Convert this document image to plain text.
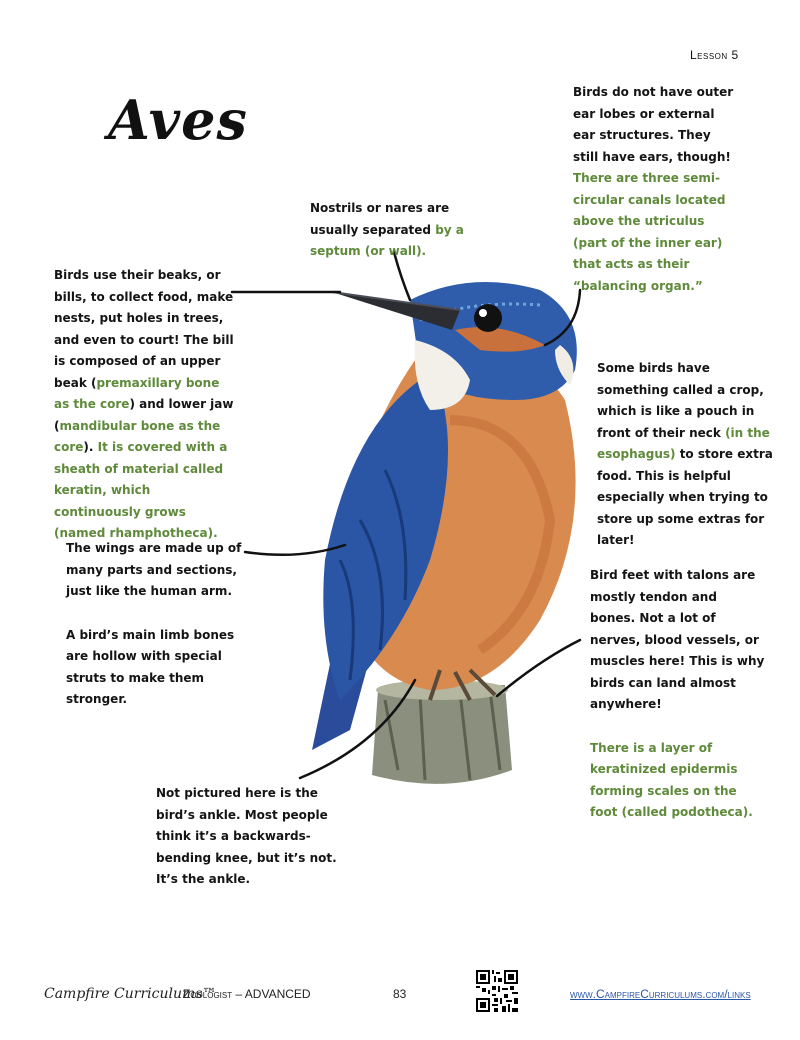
Lesson 5
Aves	Birds do not have outer ear lobes or external ear structures. They still have ears, though! There are three semi-circular canals located above the utriculus (part of the inner ear) that acts as their “balancing organ.”
Nostrils or nares are usually separated by a septum (or wall).
Birds use their beaks, or bills, to collect food, make nests, put holes in trees, and even to court! The bill is composed of an upper beak (premaxillary bone as the core) and lower jaw (mandibular bone as the core). It is covered with a sheath of material called keratin, which continuously grows (named rhamphotheca).
Some birds have something called a crop, which is like a pouch in front of their neck (in the esophagus) to store extra food. This is helpful especially when trying to store up some extras for later!
The wings are made up of many parts and sections, just like the human arm.
A bird’s main limb bones are hollow with special struts to make them stronger.
Bird feet with talons are mostly tendon and bones. Not a lot of nerves, blood vessels, or muscles here! This is why birds can land almost anywhere!
There is a layer of keratinized epidermis forming scales on the foot (called podotheca).
Not pictured here is the bird’s ankle. Most people think it’s a backwards-bending knee, but it’s not. It’s the ankle.
Campfire Curriculums™
Zoologist – ADVANCED	83	www.CampfireCurriculums.com/links
